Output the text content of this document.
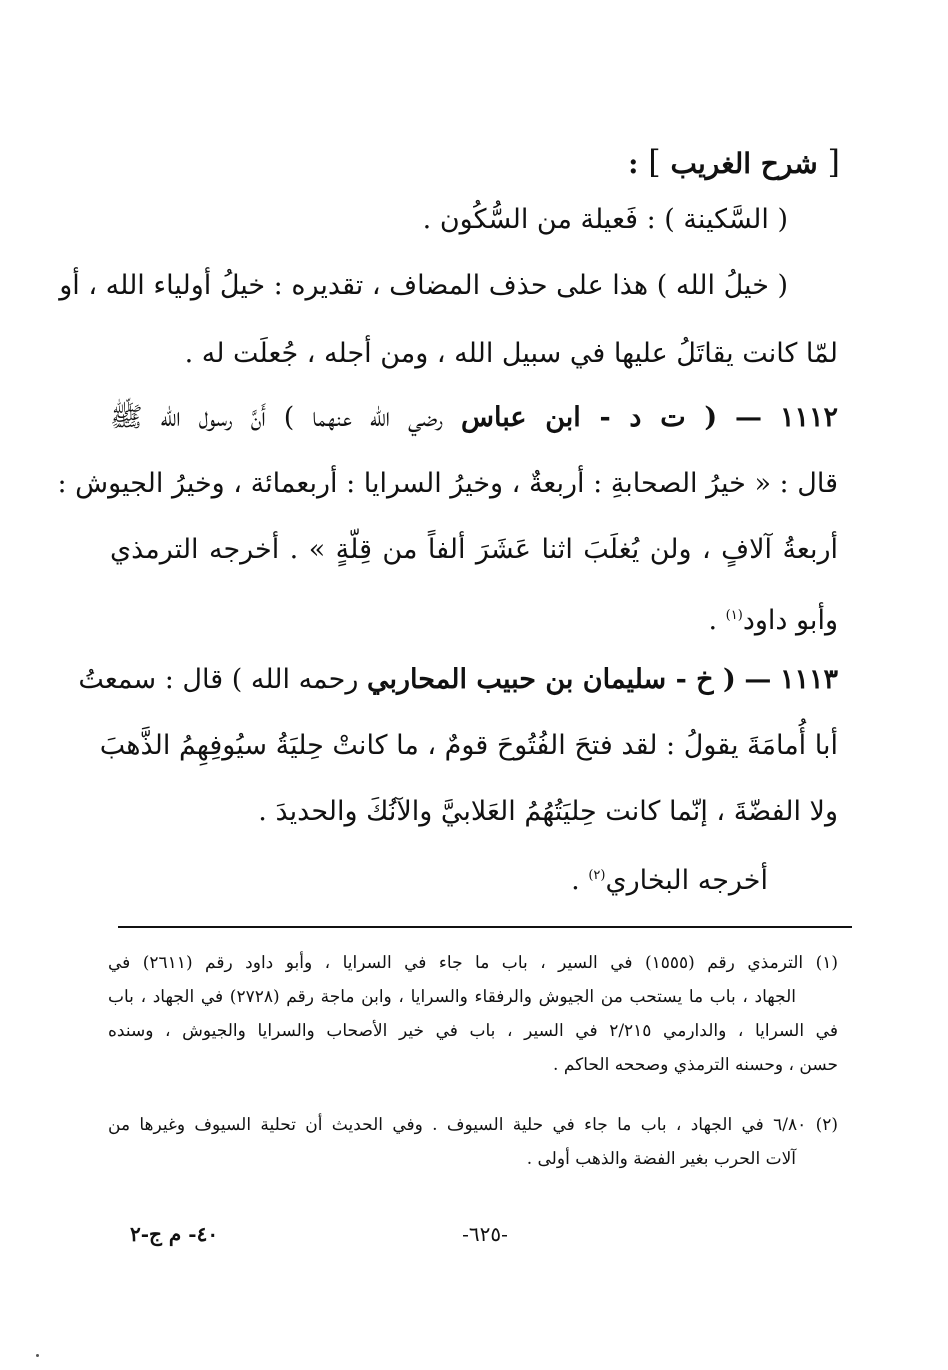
[ شرح الغريب ] :
( السَّكينة ) : فَعيلة من السُّكُون .
( خيلُ الله ) هذا على حذف المضاف ، تقديره : خيلُ أولياء الله ، أو
لمّا كانت يقاتَلُ عليها في سبيل الله ، ومن أجله ، جُعلَت له .
١١١٢ — ( ت د - ابن عباس رضي الله عنهما ) أَنَّ رسول الله ﷺ
قال : « خيرُ الصحابةِ : أربعةٌ ، وخيرُ السرايا : أربعمائة ، وخيرُ الجيوش :
أربعةُ آلافٍ ، ولن يُغلَبَ اثنا عَشَرَ ألفاً من قِلّةٍ » . أخرجه الترمذي
وأبو داود$^{(١)}$ .
١١١٣ — ( خ - سليمان بن حبيب المحاربي رحمه الله ) قال : سمعتُ
أبا أُمامَةَ يقولُ : لقد فتحَ الفُتُوحَ قومٌ ، ما كانتْ حِليَةُ سيُوفِهِمُ الذَّهبَ
ولا الفضّةَ ، إنّما كانت حِليَتُهُمُ العَلابيَّ والآنُكَ والحديدَ .
أخرجه البخاري$^{(٢)}$ .
(١) الترمذي رقم (١٥٥٥) في السير ، باب ما جاء في السرايا ، وأبو داود رقم (٢٦١١) في
الجهاد ، باب ما يستحب من الجيوش والرفقاء والسرايا ، وابن ماجة رقم (٢٧٢٨) في الجهاد ، باب
في السرايا ، والدارمي ٢/٢١٥ في السير ، باب في خير الأصحاب والسرايا والجيوش ، وسنده
حسن ، وحسنه الترمذي وصححه الحاكم .
(٢) ٦/٨٠ في الجهاد ، باب ما جاء في حلية السيوف . وفي الحديث أن تحلية السيوف وغيرها من
آلات الحرب بغير الفضة والذهب أولى .
-٦٢٥-
٤٠- م ج-٢
